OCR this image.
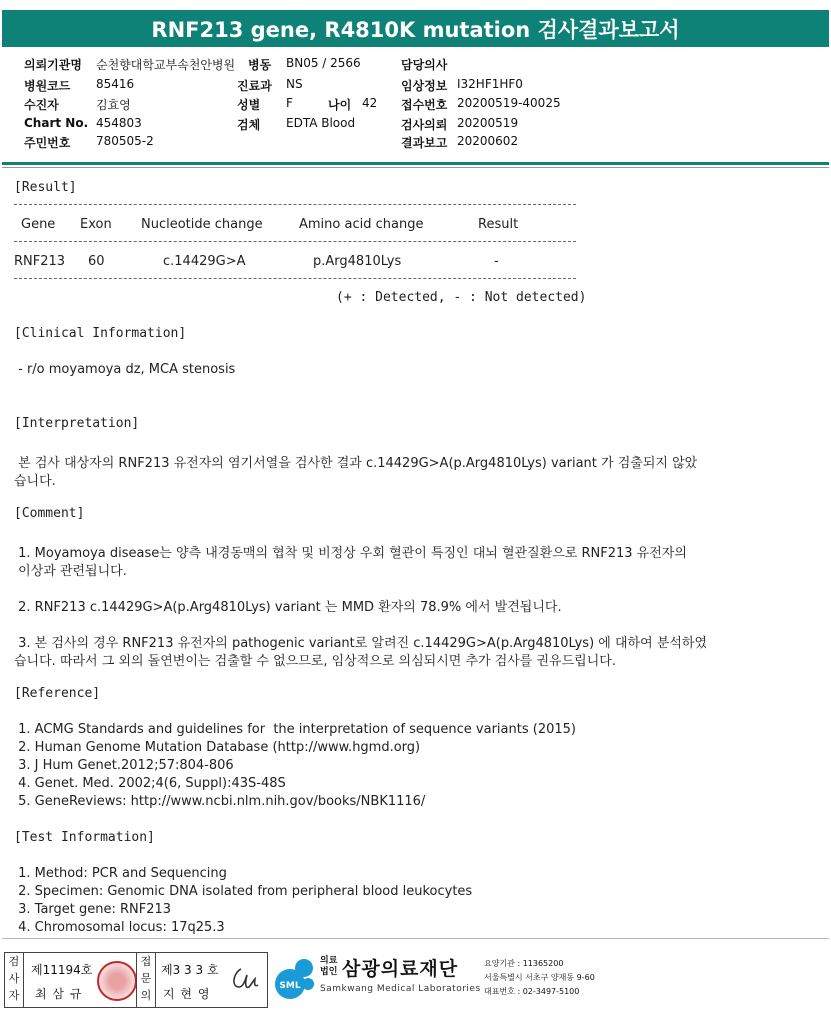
RNF213 gene, R4810K mutation 검사결과보고서
의뢰기관명 순천향대학교부속천안병원
병원코드 85416
수진자	김효영
Chart No. 454803
주민번호 780505-2
병동 BN05 / 2566
진료과 NS
성별 F	나이 42
검체 EDTA Blood
담당의사
임상정보 I32HF1HF0
접수번호 20200519-40025
검사의뢰 20200519
결과보고 20200602
[Result]
Gene Exon Nucleotide change	Amino acid change	Result
RNF213 60	c.14429G>A	p.Arg4810Lys	-
(+ : Detected, - : Not detected)
[Clinical Information]
- r/o moyamoya dz, MCA stenosis
[Interpretation]
본 검사 대상자의 RNF213 유전자의 염기서열을 검사한 결과 c.14429G>A(p.Arg4810Lys) variant 가 검출되지 않았
습니다.
[Comment]
1. Moyamoya disease는 양측 내경동맥의 협착 및 비정상 우회 혈관이 특징인 대뇌 혈관질환으로 RNF213 유전자의
이상과 관련됩니다.
2. RNF213 c.14429G>A(p.Arg4810Lys) variant 는 MMD 환자의 78.9% 에서 발견됩니다.
3. 본 검사의 경우 RNF213 유전자의 pathogenic variant로 알려진 c.14429G>A(p.Arg4810Lys) 에 대하여 분석하였
습니다. 따라서 그 외의 돌연변이는 검출할 수 없으므로, 임상적으로 의심되시면 추가 검사를 권유드립니다.
[Reference]
1. ACMG Standards and guidelines for  the interpretation of sequence variants (2015)
2. Human Genome Mutation Database (http://www.hgmd.org)
3. J Hum Genet.2012;57:804-806
4. Genet. Med. 2002;4(6, Suppl):43S-48S
5. GeneReviews: http://www.ncbi.nlm.nih.gov/books/NBK1116/
[Test Information]
1. Method: PCR and Sequencing
2. Specimen: Genomic DNA isolated from peripheral blood leukocytes
3. Target gene: RNF213
4. Chromosomal locus: 17q25.3
검
사
자
제11194호
최 삼 규
접
문
의
제3 3 3 호
지 현 영
SML
의료
법인 삼광의료재단
Samkwang Medical Laboratories
요양기관 : 11365200
서울특별시 서초구 양재동 9-60
대표번호 : 02-3497-5100
